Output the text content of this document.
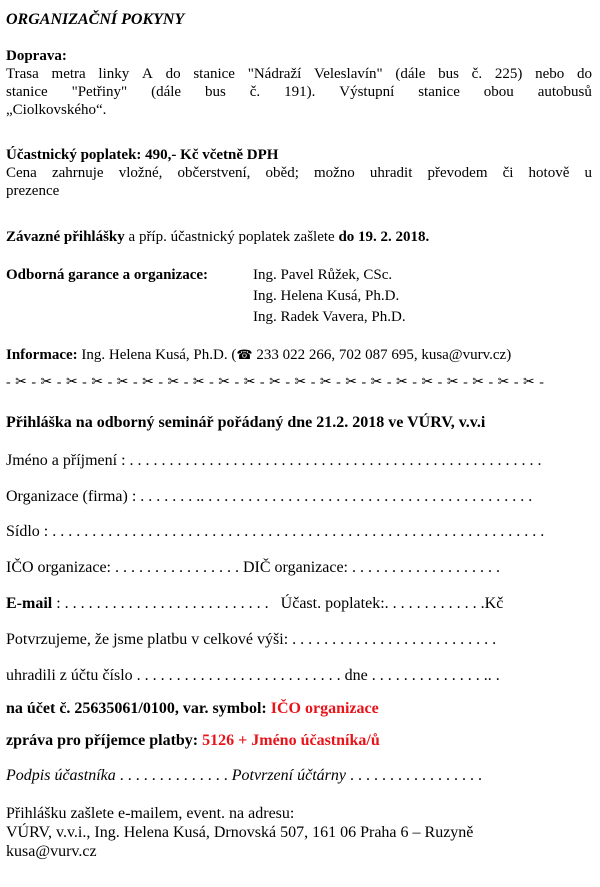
ORGANIZAČNÍ POKYNY
Doprava:
Trasa metra linky A do stanice "Nádraží Veleslavín" (dále bus č. 225) nebo do
stanice "Petřiny" (dále bus č. 191). Výstupní stanice obou autobusů
„Ciolkovského“.
Účastnický poplatek: 490,- Kč včetně DPH
Cena zahrnuje vložné, občerstvení, oběd; možno uhradit převodem či hotově u
prezence
Závazné přihlášky a příp. účastnický poplatek zašlete do 19. 2. 2018.
Odborná garance a organizace:	Ing. Pavel Růžek, CSc.
Ing. Helena Kusá, Ph.D.
Ing. Radek Vavera, Ph.D.
Informace: Ing. Helena Kusá, Ph.D. (☎ 233 022 266, 702 087 695, kusa@vurv.cz)
- ✂ - ✂ - ✂ - ✂ - ✂ - ✂ - ✂ - ✂ - ✂ - ✂ - ✂ - ✂ - ✂ - ✂ - ✂ - ✂ - ✂ - ✂ - ✂ - ✂ - ✂ -
Přihláška na odborný seminář pořádaný dne 21.2. 2018 ve VÚRV, v.v.i
Jméno a příjmení : . . . . . . . . . . . . . . . . . . . . . . . . . . . . . . . . . . . . . . . . . . . . . . . . . . . .
Organizace (firma) : . . . . . . . .. . . . . . . . . . . . . . . . . . . . . . . . . . . . . . . . . . . . . . . . . .
Sídlo : . . . . . . . . . . . . . . . . . . . . . . . . . . . . . . . . . . . . . . . . . . . . . . . . . . . . . . . . . . . . . .
IČO organizace: . . . . . . . . . . . . . . . . DIČ organizace: . . . . . . . . . . . . . . . . . . .
E-mail : . . . . . . . . . . . . . . . . . . . . . . . . . .   Účast. poplatek:. . . . . . . . . . . . .Kč
Potvrzujeme, že jsme platbu v celkové výši: . . . . . . . . . . . . . . . . . . . . . . . . . .
uhradili z účtu číslo . . . . . . . . . . . . . . . . . . . . . . . . . . dne . . . . . . . . . . . . . . .. .
na účet č. 25635061/0100, var. symbol: IČO organizace
zpráva pro příjemce platby: 5126 + Jméno účastníka/ů
Podpis účastníka . . . . . . . . . . . . . . Potvrzení účtárny . . . . . . . . . . . . . . . . .
Přihlášku zašlete e-mailem, event. na adresu:
VÚRV, v.v.i., Ing. Helena Kusá, Drnovská 507, 161 06 Praha 6 – Ruzyně
kusa@vurv.cz
